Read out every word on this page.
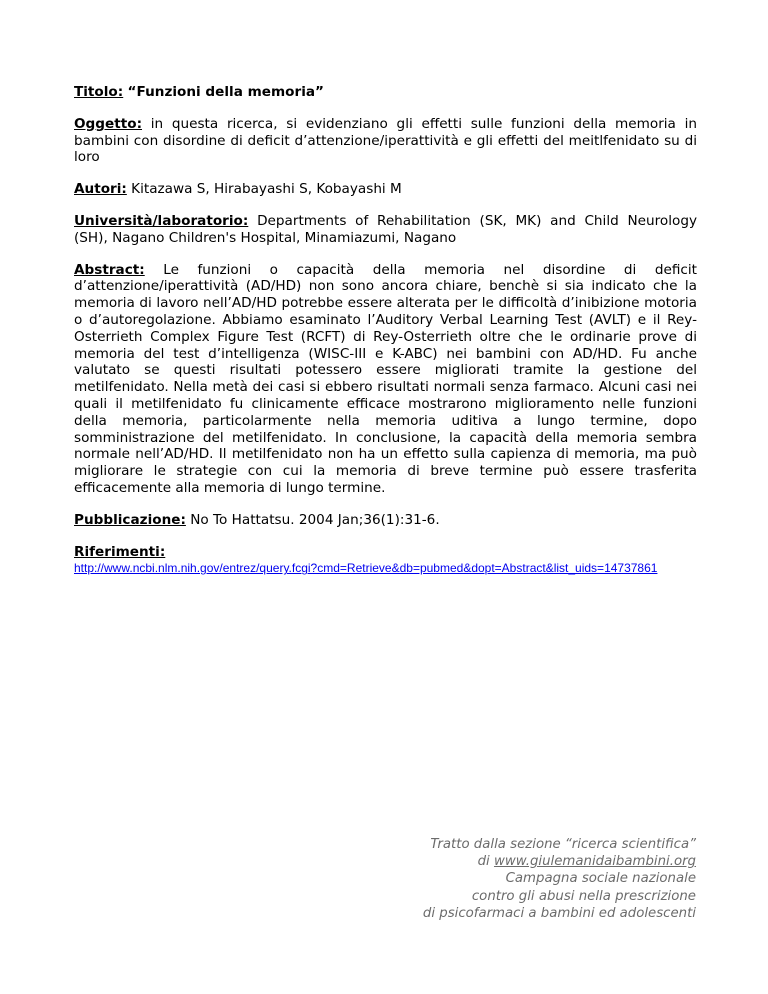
Titolo: “Funzioni della memoria”

Oggetto: in questa ricerca, si evidenziano gli effetti sulle funzioni della memoria in bambini con disordine di deficit d’attenzione/iperattività e gli effetti del meitlfenidato su di loro

Autori: Kitazawa S, Hirabayashi S, Kobayashi M

Università/laboratorio: Departments of Rehabilitation (SK, MK) and Child Neurology (SH), Nagano Children's Hospital, Minamiazumi, Nagano

Abstract: Le funzioni o capacità della memoria nel disordine di deficit d’attenzione/iperattività (AD/HD) non sono ancora chiare, benchè si sia indicato che la memoria di lavoro nell’AD/HD potrebbe essere alterata per le difficoltà d’inibizione motoria o d’autoregolazione. Abbiamo esaminato l’Auditory Verbal Learning Test (AVLT) e il Rey-Osterrieth Complex Figure Test (RCFT) di Rey-Osterrieth oltre che le ordinarie prove di memoria del test d’intelligenza (WISC-III e K-ABC) nei bambini con AD/HD. Fu anche valutato se questi risultati potessero essere migliorati tramite la gestione del metilfenidato. Nella metà dei casi si ebbero risultati normali senza farmaco. Alcuni casi nei quali il metilfenidato fu clinicamente efficace mostrarono miglioramento nelle funzioni della memoria, particolarmente nella memoria uditiva a lungo termine, dopo somministrazione del metilfenidato. In conclusione, la capacità della memoria sembra normale nell’AD/HD. Il metilfenidato non ha un effetto sulla capienza di memoria, ma può migliorare le strategie con cui la memoria di breve termine può essere trasferita efficacemente alla memoria di lungo termine.

Pubblicazione: No To Hattatsu. 2004 Jan;36(1):31-6.

Riferimenti:
http://www.ncbi.nlm.nih.gov/entrez/query.fcgi?cmd=Retrieve&db=pubmed&dopt=Abstract&list_uids=14737861
Tratto dalla sezione “ricerca scientifica”
di www.giulemanidaibambini.org
Campagna sociale nazionale
contro gli abusi nella prescrizione
di psicofarmaci a bambini ed adolescenti
